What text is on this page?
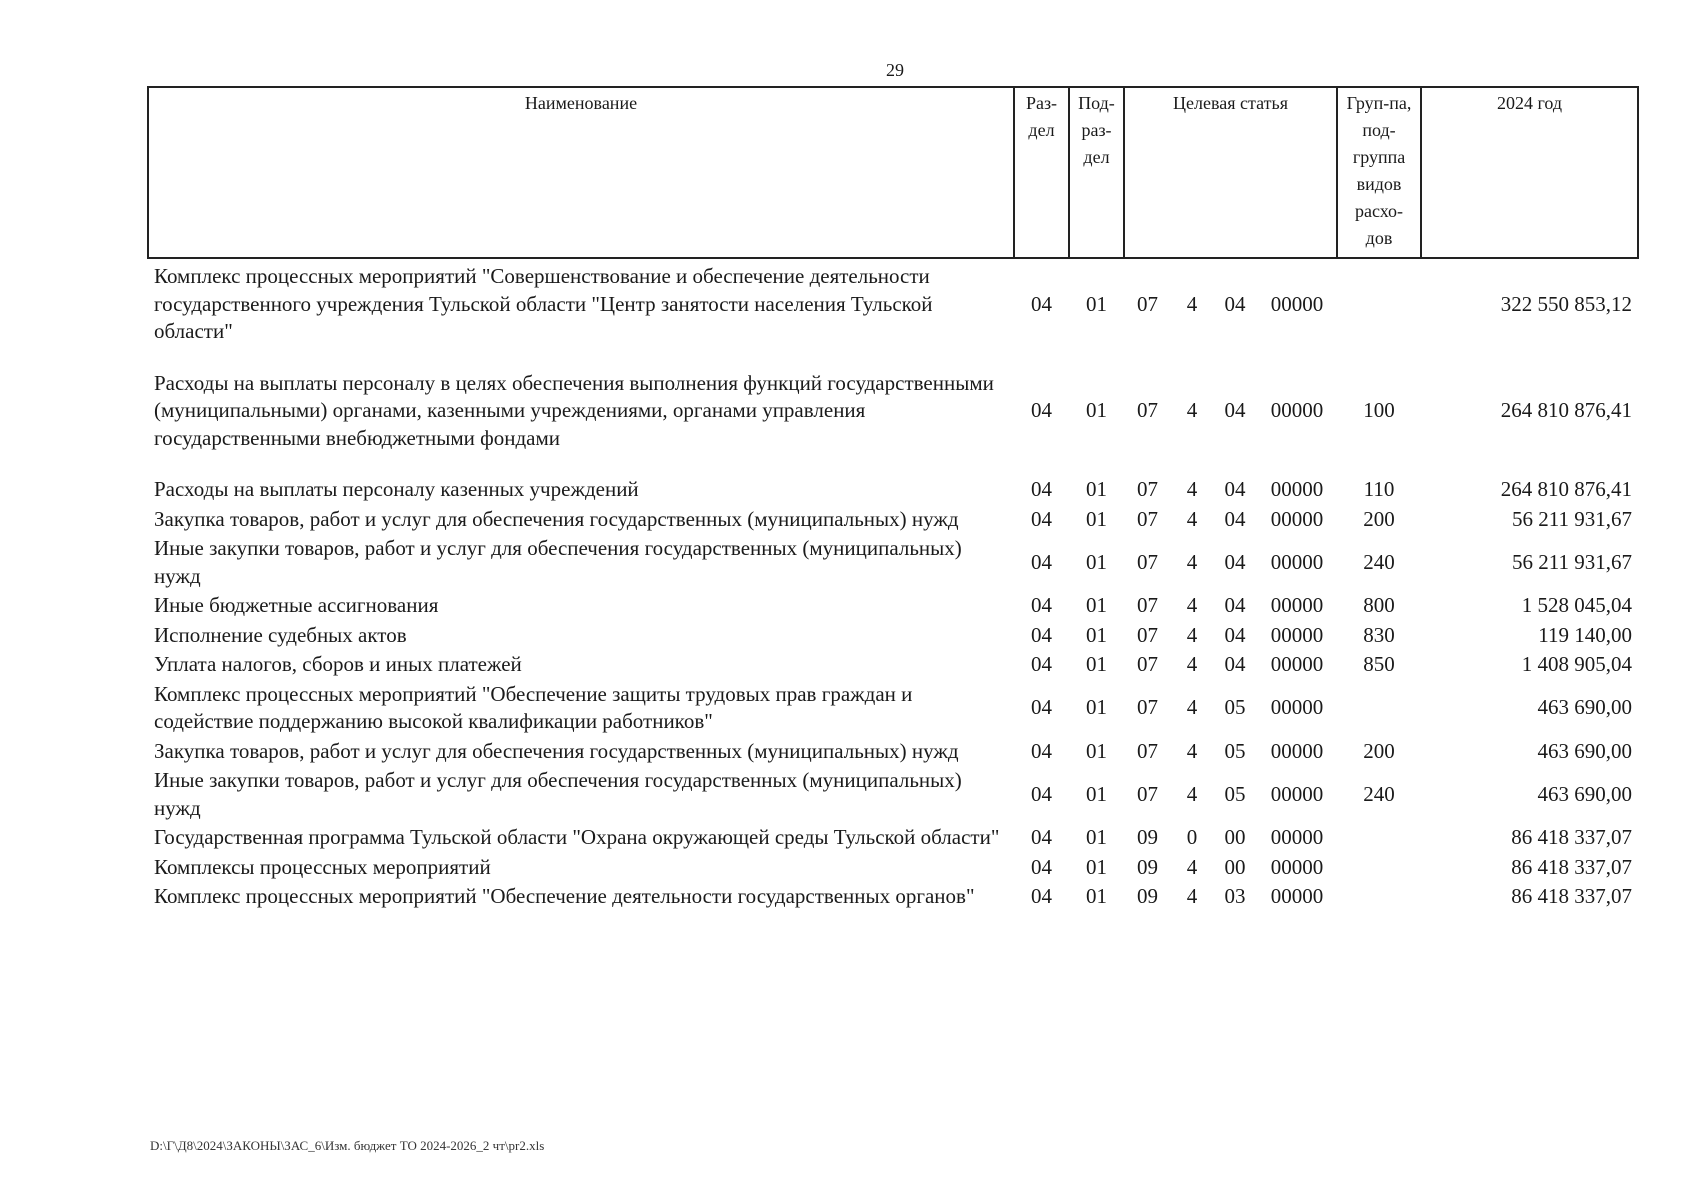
29
Наименование	Раз-дел	Под-раз-дел	Целевая статья				Груп-па, под-группа видов расхо-дов	2024 год
Комплекс процессных мероприятий "Совершенствование и обеспечение деятельности государственного учреждения Тульской области "Центр занятости населения Тульской области"	04	01	07	4	04	00000		322 550 853,12
Расходы на выплаты персоналу в целях обеспечения выполнения функций государственными (муниципальными) органами, казенными учреждениями, органами управления государственными внебюджетными фондами	04	01	07	4	04	00000	100	264 810 876,41
Расходы на выплаты персоналу казенных учреждений	04	01	07	4	04	00000	110	264 810 876,41
Закупка товаров, работ и услуг для обеспечения государственных (муниципальных) нужд	04	01	07	4	04	00000	200	56 211 931,67
Иные закупки товаров, работ и услуг для обеспечения государственных (муниципальных) нужд	04	01	07	4	04	00000	240	56 211 931,67
Иные бюджетные ассигнования	04	01	07	4	04	00000	800	1 528 045,04
Исполнение судебных актов	04	01	07	4	04	00000	830	119 140,00
Уплата налогов, сборов и иных платежей	04	01	07	4	04	00000	850	1 408 905,04
Комплекс процессных мероприятий "Обеспечение защиты трудовых прав граждан и содействие поддержанию высокой квалификации работников"	04	01	07	4	05	00000		463 690,00
Закупка товаров, работ и услуг для обеспечения государственных (муниципальных) нужд	04	01	07	4	05	00000	200	463 690,00
Иные закупки товаров, работ и услуг для обеспечения государственных (муниципальных) нужд	04	01	07	4	05	00000	240	463 690,00
Государственная программа Тульской области "Охрана окружающей среды Тульской области"	04	01	09	0	00	00000		86 418 337,07
Комплексы процессных мероприятий	04	01	09	4	00	00000		86 418 337,07
Комплекс процессных мероприятий "Обеспечение деятельности государственных органов"	04	01	09	4	03	00000		86 418 337,07
D:\Г\Д8\2024\ЗАКОНЫ\ЗАС_6\Изм. бюджет ТО 2024-2026_2 чт\pr2.xls
